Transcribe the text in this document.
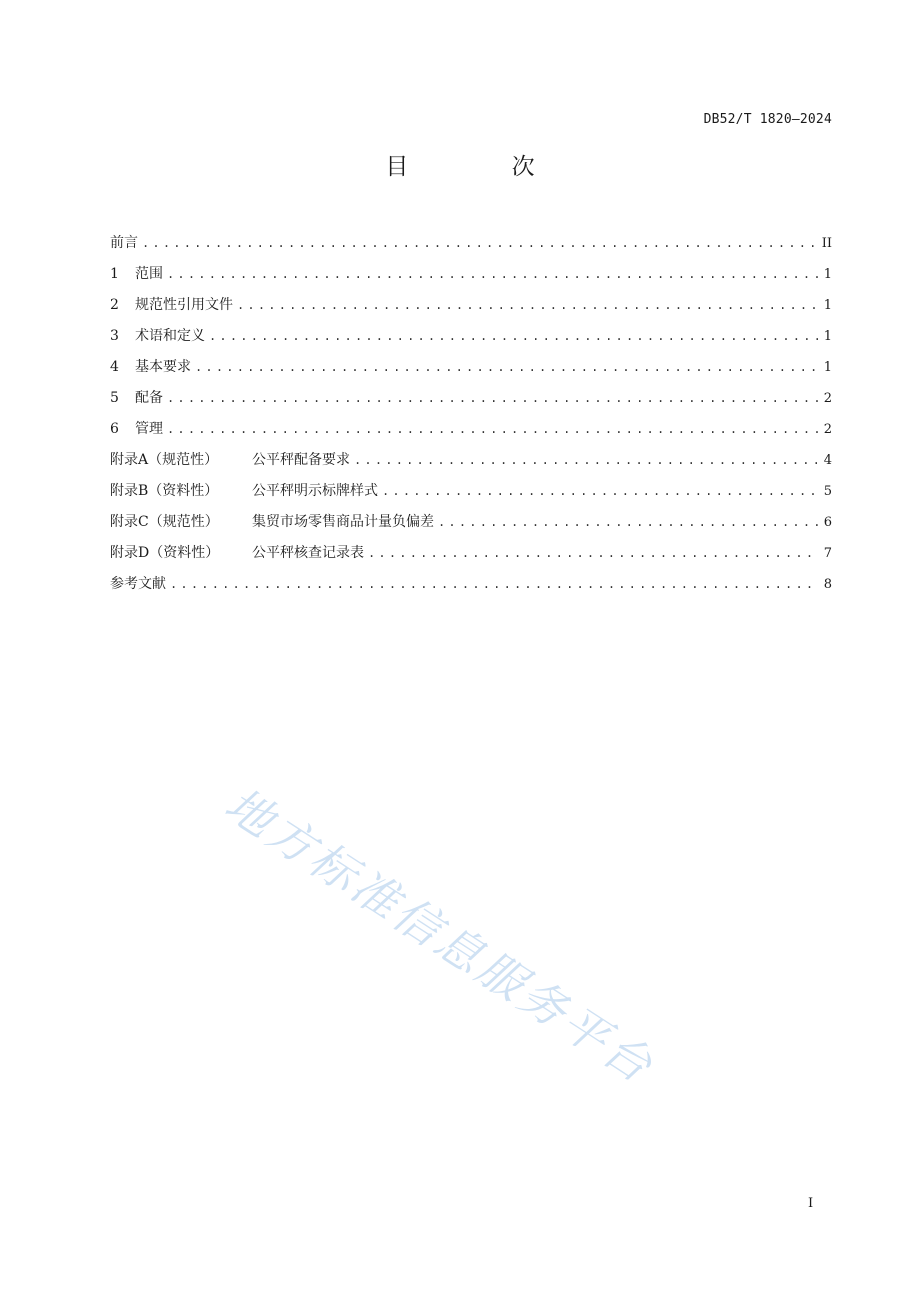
DB52/T 1820—2024
目 次
前言 .....	II
1	范围 .....	1
2	规范性引用文件 .....	1
3	术语和定义 .....	1
4	基本要求 .....	1
5	配备 .....	2
6	管理 .....	2
附录A（规范性）	公平秤配备要求 .....	4
附录B（资料性）	公平秤明示标牌样式 .....	5
附录C（规范性）	集贸市场零售商品计量负偏差 .....	6
附录D（资料性）	公平秤核查记录表 .....	7
参考文献 .....	8
地方标准信息服务平台
I
